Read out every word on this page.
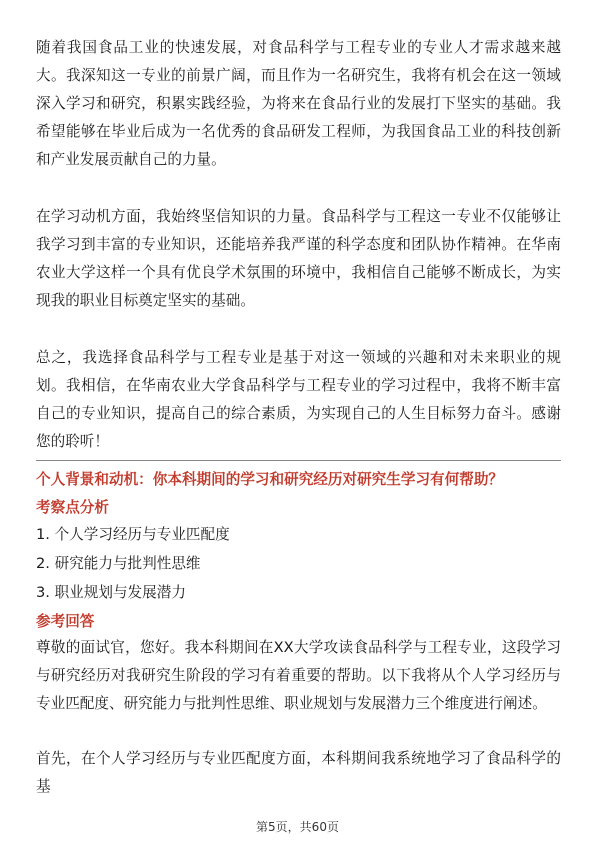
随着我国食品工业的快速发展，对食品科学与工程专业的专业人才需求越来越大。我深知这一专业的前景广阔，而且作为一名研究生，我将有机会在这一领域深入学习和研究，积累实践经验，为将来在食品行业的发展打下坚实的基础。我希望能够在毕业后成为一名优秀的食品研发工程师，为我国食品工业的科技创新和产业发展贡献自己的力量。

在学习动机方面，我始终坚信知识的力量。食品科学与工程这一专业不仅能够让我学习到丰富的专业知识，还能培养我严谨的科学态度和团队协作精神。在华南农业大学这样一个具有优良学术氛围的环境中，我相信自己能够不断成长，为实现我的职业目标奠定坚实的基础。

总之，我选择食品科学与工程专业是基于对这一领域的兴趣和对未来职业的规划。我相信，在华南农业大学食品科学与工程专业的学习过程中，我将不断丰富自己的专业知识，提高自己的综合素质，为实现自己的人生目标努力奋斗。感谢您的聆听！

个人背景和动机：你本科期间的学习和研究经历对研究生学习有何帮助？

考察点分析

1. 个人学习经历与专业匹配度
2. 研究能力与批判性思维
3. 职业规划与发展潜力

参考回答

尊敬的面试官，您好。我本科期间在XX大学攻读食品科学与工程专业，这段学习与研究经历对我研究生阶段的学习有着重要的帮助。以下我将从个人学习经历与专业匹配度、研究能力与批判性思维、职业规划与发展潜力三个维度进行阐述。

首先，在个人学习经历与专业匹配度方面，本科期间我系统地学习了食品科学的基

第5页，共60页
